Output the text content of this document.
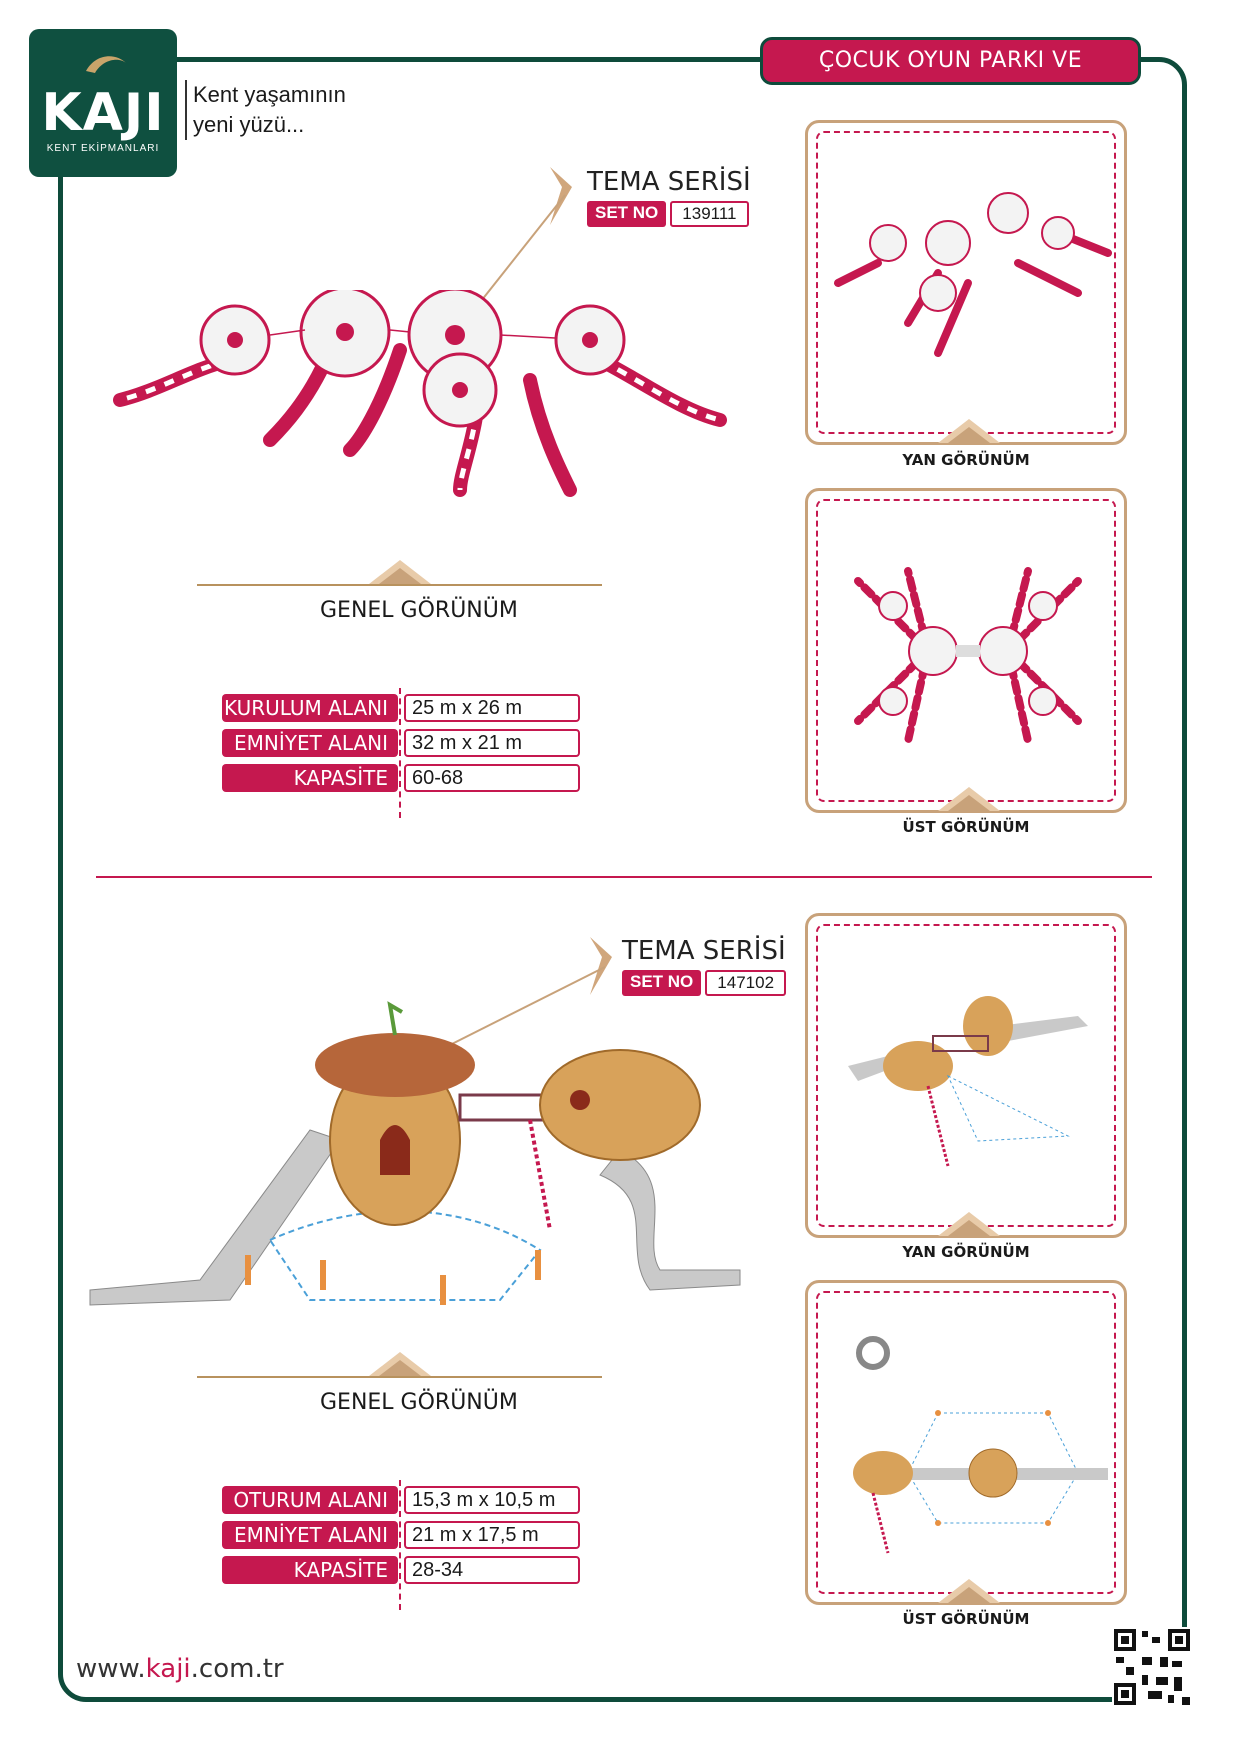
KAJI
KENT EKİPMANLARI
Kent yaşamının
yeni yüzü...
ÇOCUK OYUN PARKI VE EKİPMANLARI
TEMA SERİSİ
SET NO	139111
GENEL GÖRÜNÜM
KURULUM ALANI	25 m x 26 m
EMNİYET ALANI	32 m x 21 m
KAPASİTE	60-68
YAN GÖRÜNÜM
ÜST GÖRÜNÜM
TEMA SERİSİ
SET NO	147102
GENEL GÖRÜNÜM
OTURUM ALANI	15,3 m x 10,5 m
EMNİYET ALANI	21 m x 17,5 m
KAPASİTE	28-34
YAN GÖRÜNÜM
ÜST GÖRÜNÜM
www.kaji.com.tr
